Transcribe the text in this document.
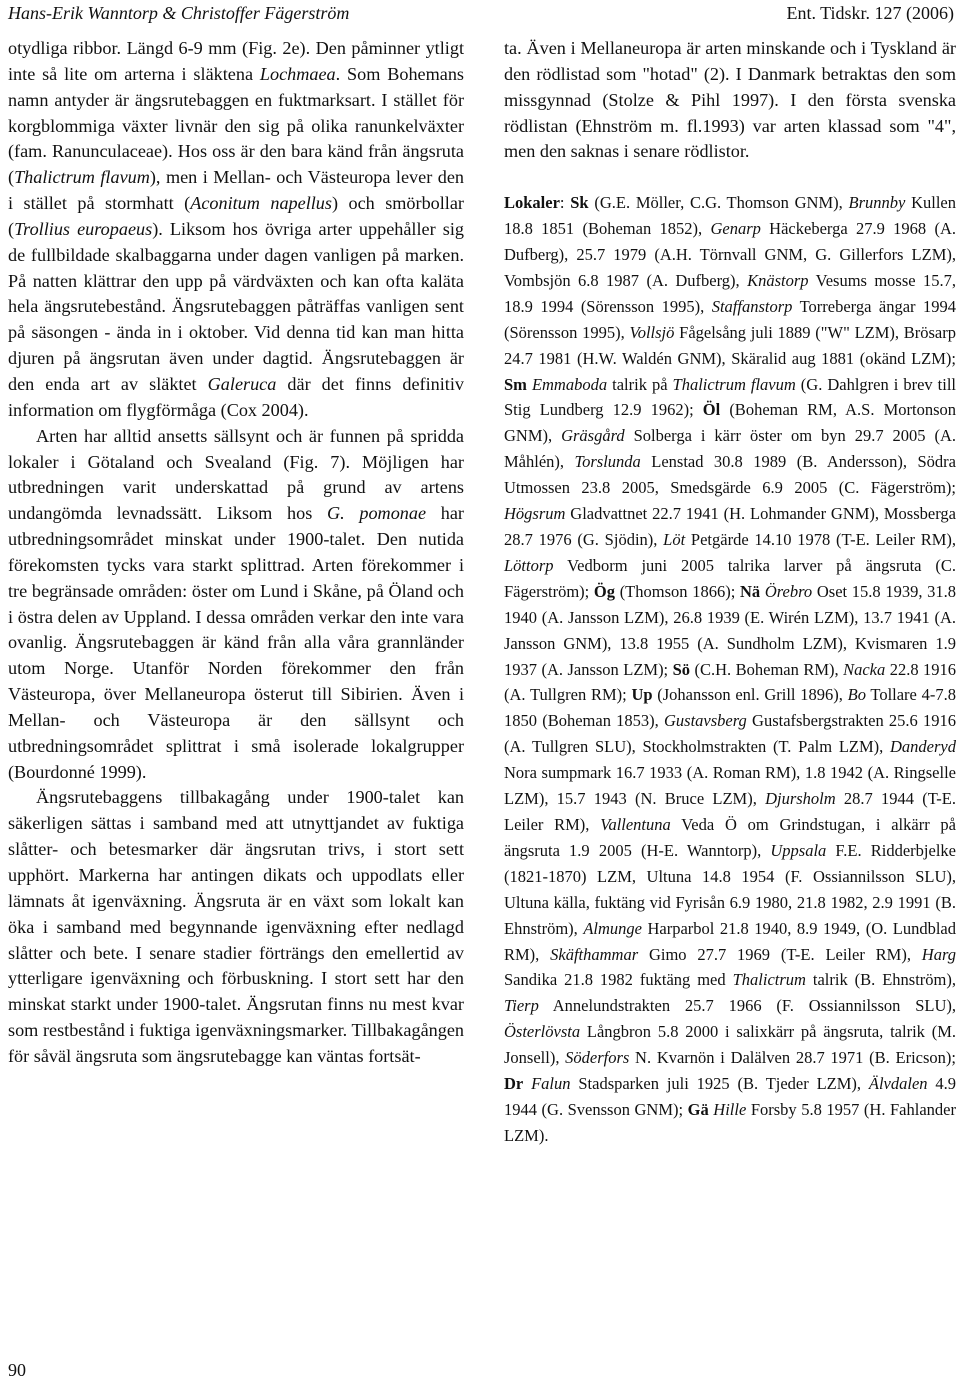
Hans-Erik Wanntorp & Christoffer Fägerström	Ent. Tidskr. 127 (2006)

otydliga ribbor. Längd 6-9 mm (Fig. 2e). Den påminner ytligt inte så lite om arterna i släktena Lochmaea. Som Bohemans namn antyder är ängsrutebaggen en fuktmarksart. I stället för korgblommiga växter livnär den sig på olika ranunkelväxter (fam. Ranunculaceae). Hos oss är den bara känd från ängsruta (Thalictrum flavum), men i Mellan- och Västeuropa lever den i stället på stormhatt (Aconitum napellus) och smörbollar (Trollius europaeus). Liksom hos övriga arter uppehåller sig de fullbildade skalbaggarna under dagen vanligen på marken. På natten klättrar den upp på värdväxten och kan ofta kaläta hela ängsrutebestånd. Ängsrutebaggen påträffas vanligen sent på säsongen - ända in i oktober. Vid denna tid kan man hitta djuren på ängsrutan även under dagtid. Ängsrutebaggen är den enda art av släktet Galeruca där det finns definitiv information om flygförmåga (Cox 2004).

Arten har alltid ansetts sällsynt och är funnen på spridda lokaler i Götaland och Svealand (Fig. 7). Möjligen har utbredningen varit underskattad på grund av artens undangömda levnadssätt. Liksom hos G. pomonae har utbredningsområdet minskat under 1900-talet. Den nutida förekomsten tycks vara starkt splittrad. Arten förekommer i tre begränsade områden: öster om Lund i Skåne, på Öland och i östra delen av Uppland. I dessa områden verkar den inte vara ovanlig. Ängsrutebaggen är känd från alla våra grannländer utom Norge. Utanför Norden förekommer den från Västeuropa, över Mellaneuropa österut till Sibirien. Även i Mellan- och Västeuropa är den sällsynt och utbredningsområdet splittrat i små isolerade lokalgrupper (Bourdonné 1999).

Ängsrutebaggens tillbakagång under 1900-talet kan säkerligen sättas i samband med att utnyttjandet av fuktiga slåtter- och betesmarker där ängsrutan trivs, i stort sett upphört. Markerna har antingen dikats och uppodlats eller lämnats åt igenväxning. Ängsruta är en växt som lokalt kan öka i samband med begynnande igenväxning efter nedlagd slåtter och bete. I senare stadier förträngs den emellertid av ytterligare igenväxning och förbuskning. I stort sett har den minskat starkt under 1900-talet. Ängsrutan finns nu mest kvar som restbestånd i fuktiga igenväxningsmarker. Tillbakagången för såväl ängsruta som ängsrutebagge kan väntas fortsät-

ta. Även i Mellaneuropa är arten minskande och i Tyskland är den rödlistad som "hotad" (2). I Danmark betraktas den som missgynnad (Stolze & Pihl 1997). I den första svenska rödlistan (Ehnström m. fl.1993) var arten klassad som "4", men den saknas i senare rödlistor.

Lokaler: Sk (G.E. Möller, C.G. Thomson GNM), Brunnby Kullen 18.8 1851 (Boheman 1852), Genarp Häckeberga 27.9 1968 (A. Dufberg), 25.7 1979 (A.H. Törnvall GNM, G. Gillerfors LZM), Vombsjön 6.8 1987 (A. Dufberg), Knästorp Vesums mosse 15.7, 18.9 1994 (Sörensson 1995), Staffanstorp Torreberga ängar 1994 (Sörensson 1995), Vollsjö Fågelsång juli 1889 ("W" LZM), Brösarp 24.7 1981 (H.W. Waldén GNM), Skäralid aug 1881 (okänd LZM); Sm Emmaboda talrik på Thalictrum flavum (G. Dahlgren i brev till Stig Lundberg 12.9 1962); Öl (Boheman RM, A.S. Mortonson GNM), Gräsgård Solberga i kärr öster om byn 29.7 2005 (A. Måhlén), Torslunda Lenstad 30.8 1989 (B. Andersson), Södra Utmossen 23.8 2005, Smedsgärde 6.9 2005 (C. Fägerström); Högsrum Gladvattnet 22.7 1941 (H. Lohmander GNM), Mossberga 28.7 1976 (G. Sjödin), Löt Petgärde 14.10 1978 (T-E. Leiler RM), Löttorp Vedborm juni 2005 talrika larver på ängsruta (C. Fägerström); Ög (Thomson 1866); Nä Örebro Oset 15.8 1939, 31.8 1940 (A. Jansson LZM), 26.8 1939 (E. Wirén LZM), 13.7 1941 (A. Jansson GNM), 13.8 1955 (A. Sundholm LZM), Kvismaren 1.9 1937 (A. Jansson LZM); Sö (C.H. Boheman RM), Nacka 22.8 1916 (A. Tullgren RM); Up (Johansson enl. Grill 1896), Bo Tollare 4-7.8 1850 (Boheman 1853), Gustavsberg Gustafsbergstrakten 25.6 1916 (A. Tullgren SLU), Stockholmstrakten (T. Palm LZM), Danderyd Nora sumpmark 16.7 1933 (A. Roman RM), 1.8 1942 (A. Ringselle LZM), 15.7 1943 (N. Bruce LZM), Djursholm 28.7 1944 (T-E. Leiler RM), Vallentuna Veda Ö om Grindstugan, i alkärr på ängsruta 1.9 2005 (H-E. Wanntorp), Uppsala F.E. Ridderbjelke (1821-1870) LZM, Ultuna 14.8 1954 (F. Ossiannilsson SLU), Ultuna källa, fuktäng vid Fyrisån 6.9 1980, 21.8 1982, 2.9 1991 (B. Ehnström), Almunge Harparbol 21.8 1940, 8.9 1949, (O. Lundblad RM), Skäfthammar Gimo 27.7 1969 (T-E. Leiler RM), Harg Sandika 21.8 1982 fuktäng med Thalictrum talrik (B. Ehnström), Tierp Annelundstrakten 25.7 1966 (F. Ossiannilsson SLU), Österlövsta Långbron 5.8 2000 i salixkärr på ängsruta, talrik (M. Jonsell), Söderfors N. Kvarnön i Dalälven 28.7 1971 (B. Ericson); Dr Falun Stadsparken juli 1925 (B. Tjeder LZM), Älvdalen 4.9 1944 (G. Svensson GNM); Gä Hille Forsby 5.8 1957 (H. Fahlander LZM).

90
